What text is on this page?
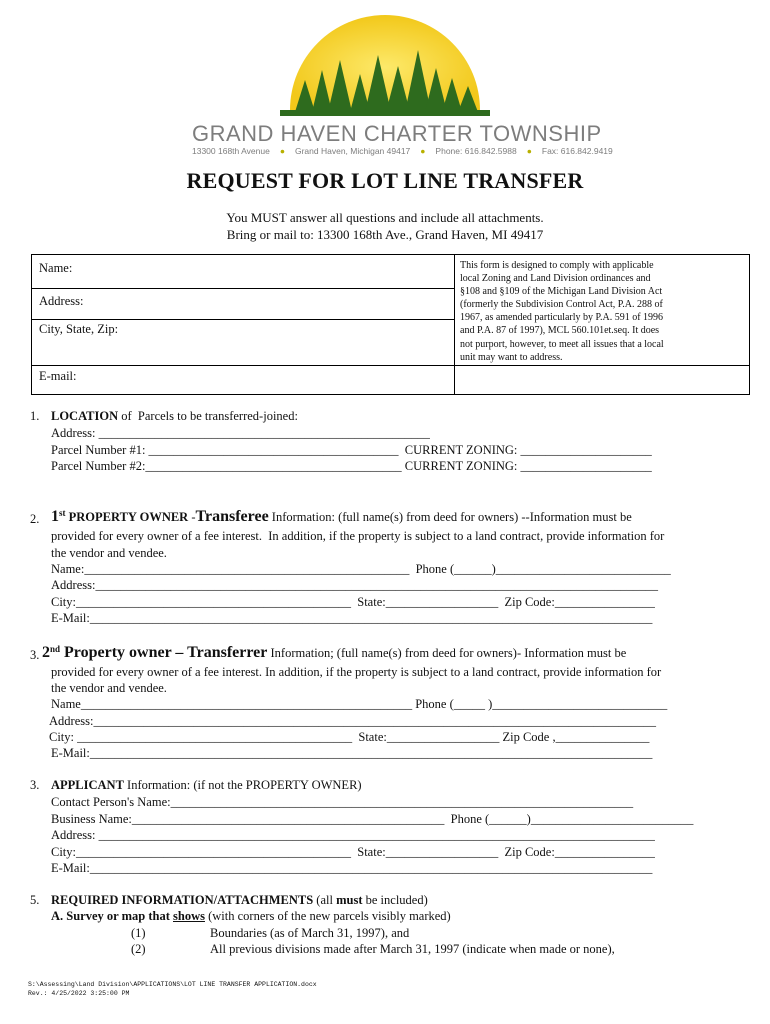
GRAND HAVEN CHARTER TOWNSHIP
13300 168th Avenue ● Grand Haven, Michigan 49417 ● Phone: 616.842.5988 ● Fax: 616.842.9419
REQUEST FOR LOT LINE TRANSFER
You MUST answer all questions and include all attachments.
Bring or mail to: 13300 168th Ave., Grand Haven, MI 49417
Name:
Address:
City, State, Zip:
E-mail:
This form is designed to comply with applicable
local Zoning and Land Division ordinances and
§108 and §109 of the Michigan Land Division Act
(formerly the Subdivision Control Act, P.A. 288 of
1967, as amended particularly by P.A. 591 of 1996
and P.A. 87 of 1997), MCL 560.101et.seq. It does
not purport, however, to meet all issues that a local
unit may want to address.
1. LOCATION of  Parcels to be transferred-joined:
Address: _____________________________________________________
Parcel Number #1: ________________________________________  CURRENT ZONING: _____________________
Parcel Number #2:_________________________________________ CURRENT ZONING: _____________________
2. 1st PROPERTY OWNER -Transferee Information: (full name(s) from deed for owners) --Information must be
provided for every owner of a fee interest.  In addition, if the property is subject to a land contract, provide information for
the vendor and vendee.
Name:____________________________________________________  Phone (______)____________________________
Address:__________________________________________________________________________________________
City:____________________________________________  State:__________________  Zip Code:________________
E-Mail:__________________________________________________________________________________________
3. 2nd Property owner – Transferrer Information; (full name(s) from deed for owners)- Information must be
provided for every owner of a fee interest. In addition, if the property is subject to a land contract, provide information for
the vendor and vendee.
Name_____________________________________________________ Phone (_____ )____________________________
Address:__________________________________________________________________________________________
City: ____________________________________________  State:__________________ Zip Code ,_______________
E-Mail:__________________________________________________________________________________________
3. APPLICANT Information: (if not the PROPERTY OWNER)
Contact Person's Name:__________________________________________________________________________
Business Name:__________________________________________________  Phone (______)__________________________
Address: _________________________________________________________________________________________
City:____________________________________________  State:__________________  Zip Code:________________
E-Mail:__________________________________________________________________________________________
5. REQUIRED INFORMATION/ATTACHMENTS (all must be included)
A. Survey or map that shows (with corners of the new parcels visibly marked)
(1)	Boundaries (as of March 31, 1997), and
(2)	All previous divisions made after March 31, 1997 (indicate when made or none),
S:\Assessing\Land Division\APPLICATIONS\LOT LINE TRANSFER APPLICATION.docx
Rev.: 4/25/2022 3:25:00 PM
